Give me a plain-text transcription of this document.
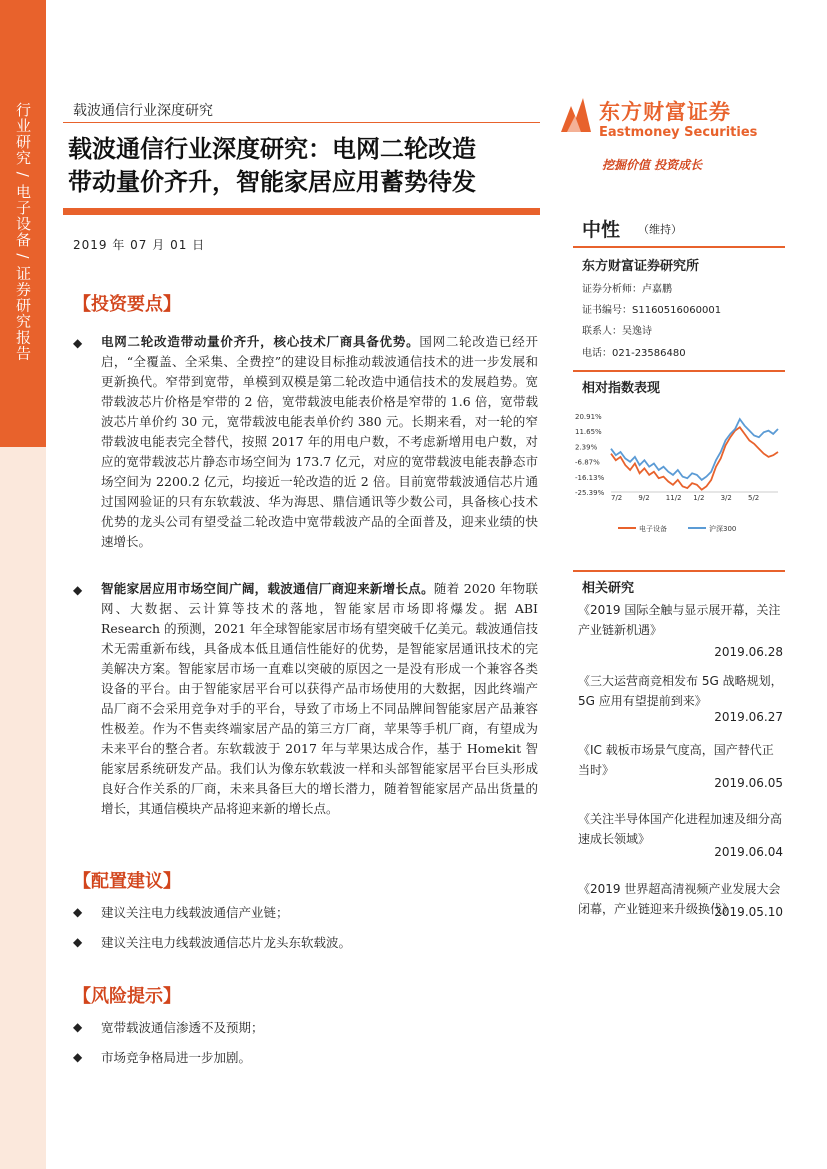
行业研究 / 电子设备 / 证券研究报告	载波通信行业深度研究
载波通信行业深度研究：电网二轮改造
带动量价齐升，智能家居应用蓄势待发
2019 年 07 月 01 日
东方财富证券
Eastmoney Securities
挖掘价值 投资成长
中性 （维持）
东方财富证券研究所
证券分析师：卢嘉鹏
证书编号：S1160516060001
联系人：吴逸诗
电话：021-23586480
相对指数表现
20.91%
11.65%
2.39%
-6.87%
-16.13%
-25.39%
7/2 9/2 11/2 1/2 3/2 5/2
电子设备	沪深300
相关研究
《2019 国际全触与显示展开幕，关注产业链新机遇》
2019.06.28
《三大运营商竞相发布 5G 战略规划，5G 应用有望提前到来》
2019.06.27
《IC 载板市场景气度高，国产替代正当时》
2019.06.05
《关注半导体国产化进程加速及细分高速成长领域》
2019.06.04
《2019 世界超高清视频产业发展大会闭幕，产业链迎来升级换代》
2019.05.10
【投资要点】
◆ 电网二轮改造带动量价齐升，核心技术厂商具备优势。国网二轮改造已经开启，“全覆盖、全采集、全费控”的建设目标推动载波通信技术的进一步发展和更新换代。窄带到宽带，单模到双模是第二轮改造中通信技术的发展趋势。宽带载波芯片价格是窄带的 2 倍，宽带载波电能表价格是窄带的 1.6 倍，宽带载波芯片单价约 30 元，宽带载波电能表单价约 380 元。长期来看，对一轮的窄带载波电能表完全替代，按照 2017 年的用电户数，不考虑新增用电户数，对应的宽带载波芯片静态市场空间为 173.7 亿元，对应的宽带载波电能表静态市场空间为 2200.2 亿元，均接近一轮改造的近 2 倍。目前宽带载波通信芯片通过国网验证的只有东软载波、华为海思、鼎信通讯等少数公司，具备核心技术优势的龙头公司有望受益二轮改造中宽带载波产品的全面普及，迎来业绩的快速增长。
◆ 智能家居应用市场空间广阔，载波通信厂商迎来新增长点。随着 2020 年物联网、大数据、云计算等技术的落地，智能家居市场即将爆发。据 ABI Research 的预测，2021 年全球智能家居市场有望突破千亿美元。载波通信技术无需重新布线，具备成本低且通信性能好的优势，是智能家居通讯技术的完美解决方案。智能家居市场一直难以突破的原因之一是没有形成一个兼容各类设备的平台。由于智能家居平台可以获得产品市场使用的大数据，因此终端产品厂商不会采用竞争对手的平台，导致了市场上不同品牌间智能家居产品兼容性极差。作为不售卖终端家居产品的第三方厂商，苹果等手机厂商，有望成为未来平台的整合者。东软载波于 2017 年与苹果达成合作，基于 Homekit 智能家居系统研发产品。我们认为像东软载波一样和头部智能家居平台巨头形成良好合作关系的厂商，未来具备巨大的增长潜力，随着智能家居产品出货量的增长，其通信模块产品将迎来新的增长点。
【配置建议】
◆ 建议关注电力线载波通信产业链；
◆ 建议关注电力线载波通信芯片龙头东软载波。
【风险提示】
◆ 宽带载波通信渗透不及预期；
◆ 市场竞争格局进一步加剧。
